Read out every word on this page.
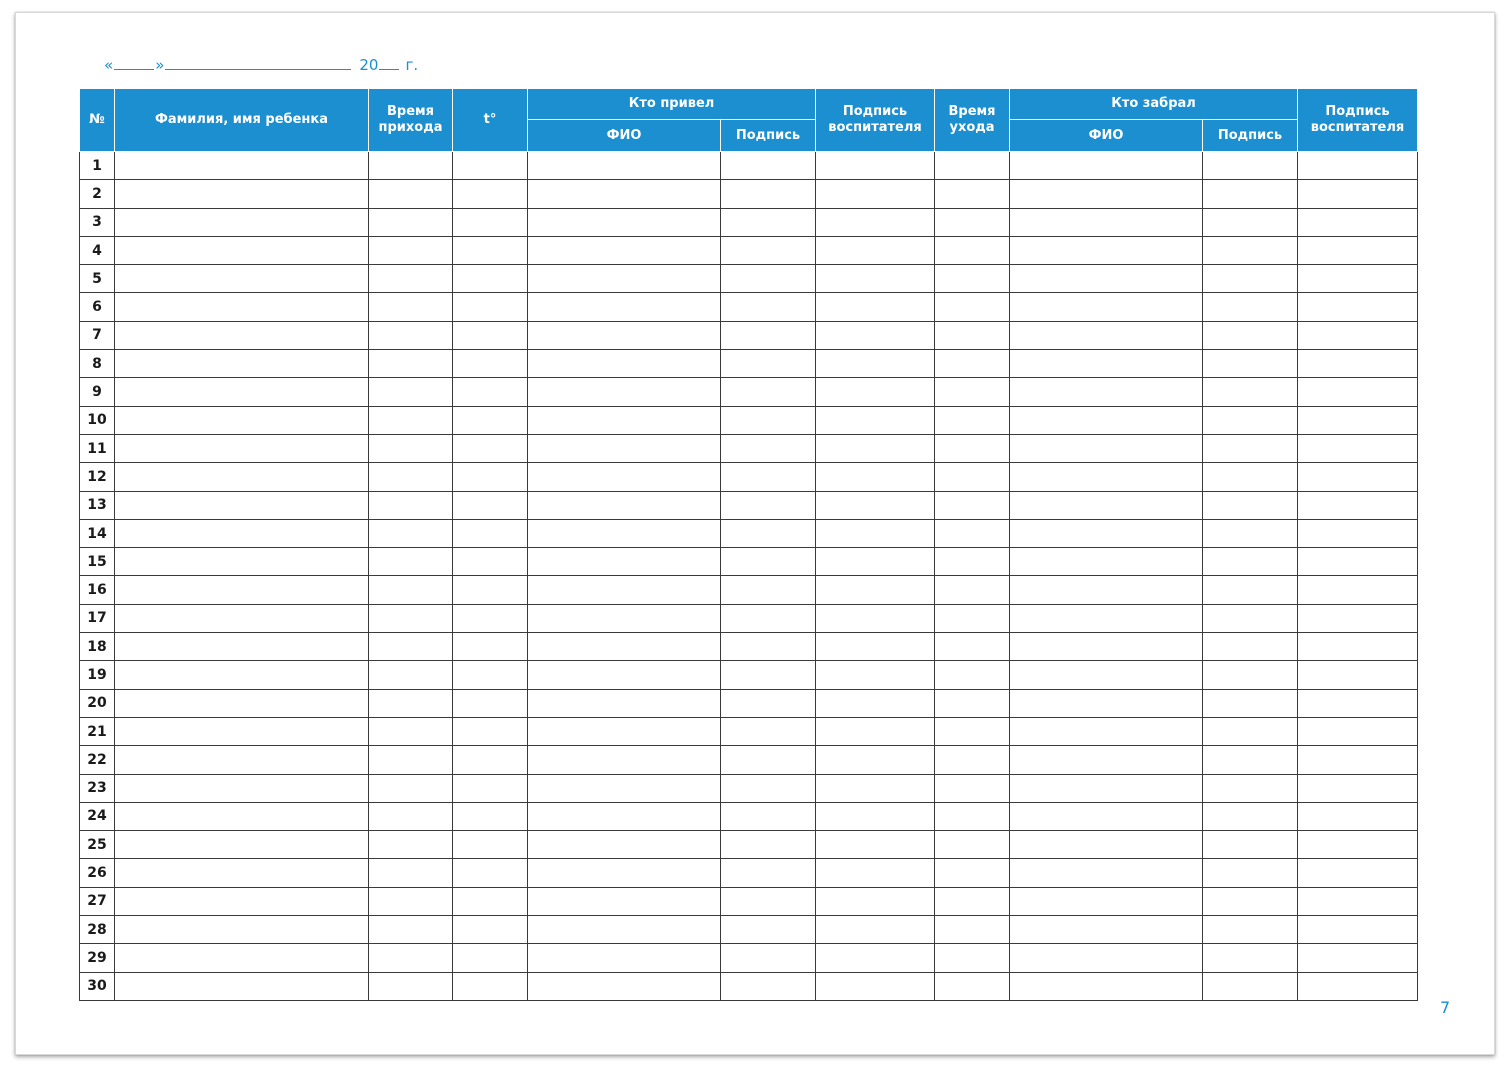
«	»	20 г.
№	Фамилия, имя ребенка	Время прихода	t°	Кто привел		Подпись воспитателя	Время ухода	Кто забрал		Подпись воспитателя
				ФИО	Подпись			ФИО	Подпись	
1										
2										
3										
4										
5										
6										
7										
8										
9										
10										
11										
12										
13										
14										
15										
16										
17										
18										
19										
20										
21										
22										
23										
24										
25										
26										
27										
28										
29										
30										
7
